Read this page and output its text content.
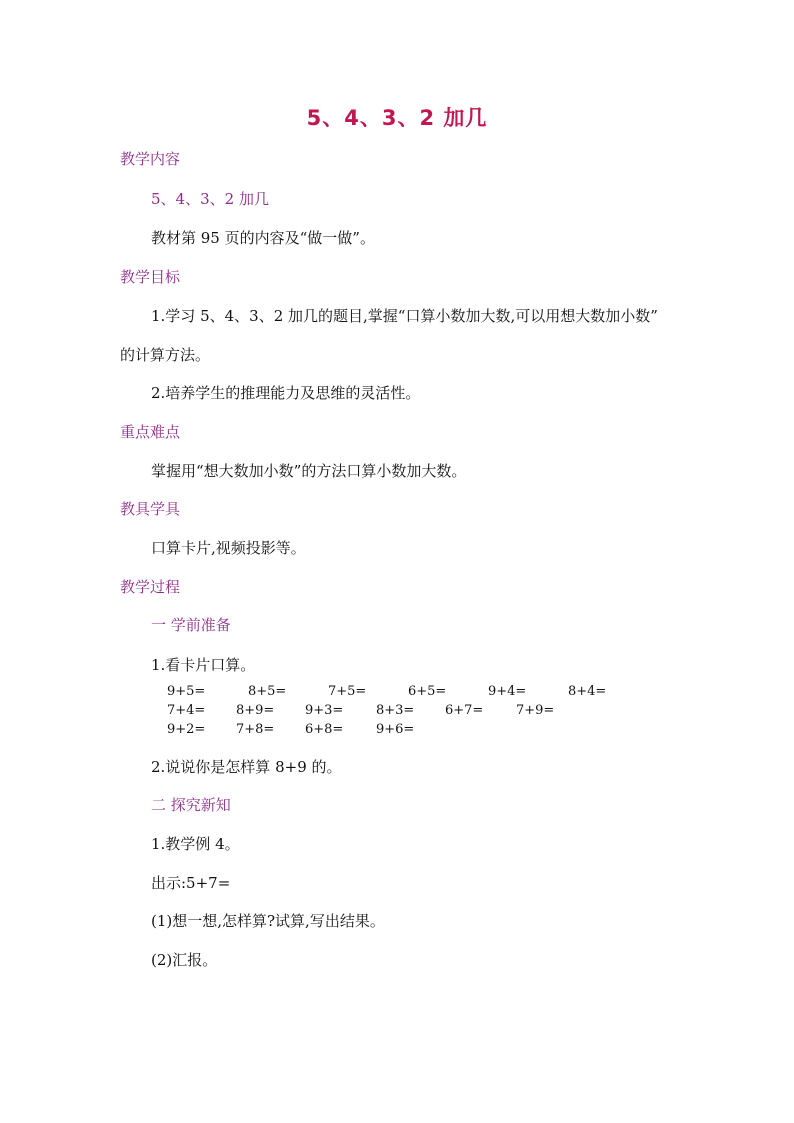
5、4、3、2 加几
教学内容
5、4、3、2 加几
教材第 95 页的内容及“做一做”。
教学目标
1.学习 5、4、3、2 加几的题目,掌握“口算小数加大数,可以用想大数加小数”
的计算方法。
2.培养学生的推理能力及思维的灵活性。
重点难点
掌握用“想大数加小数”的方法口算小数加大数。
教具学具
口算卡片,视频投影等。
教学过程
一 学前准备
1.看卡片口算。
9+5=	8+5=	7+5=	6+5=	9+4=	8+4=
7+4= 8+9= 9+3=	8+3= 6+7=	7+9=
9+2= 7+8= 6+8=	9+6=
2.说说你是怎样算 8+9 的。
二 探究新知
1.教学例 4。
出示:5+7=
(1)想一想,怎样算?试算,写出结果。
(2)汇报。
